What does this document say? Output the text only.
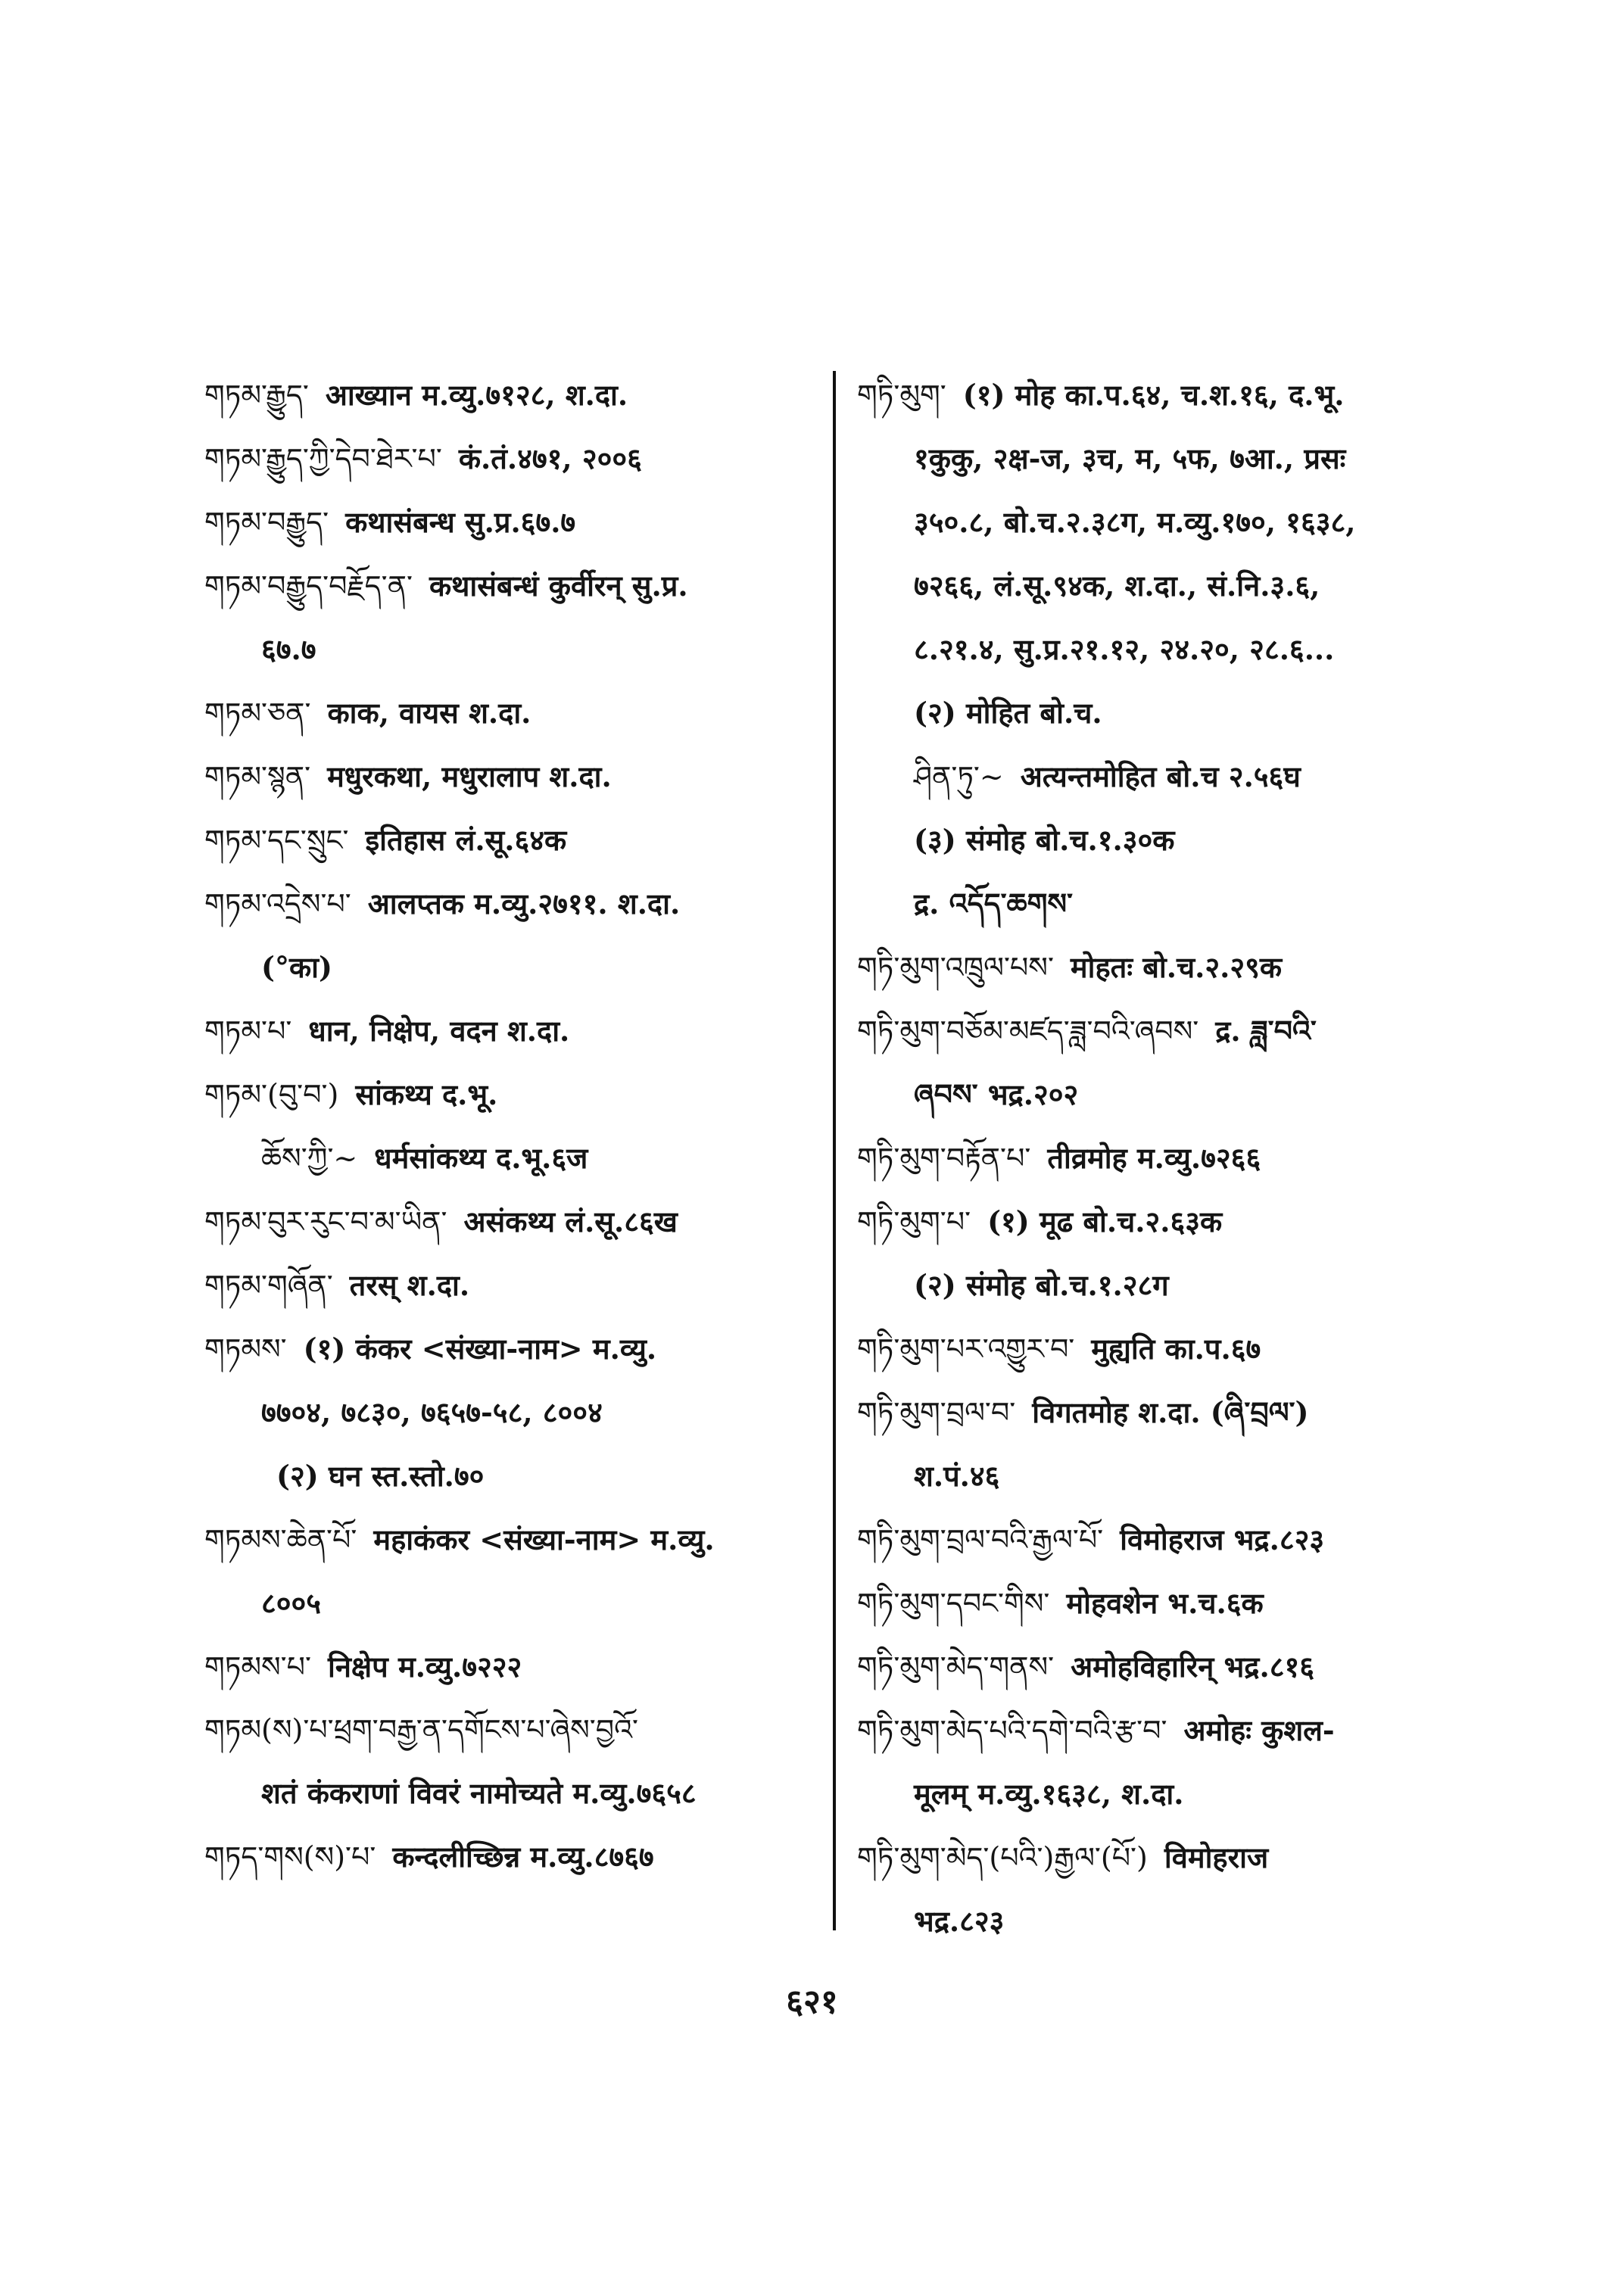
གཏམ་རྒྱུད་ आख्यान म.व्यु.७१२८, श.दा.
གཏམ་རྒྱུད་ཀྱི་དེབ་ཐེར་པ་ कं.तं.४७१, २००६
གཏམ་བརྒྱུད་ कथासंबन्ध सु.प्र.६७.७
གཏམ་བརྒྱུད་བརྗོད་ན་ कथासंबन्धं कुर्वीरन् सु.प्र.
६७.७
གཏམ་ཅན་ काक, वायस श.दा.
གཏམ་སྙན་ मधुरकथा, मधुरालाप श.दा.
གཏམ་དང་སྲུང་ इतिहास लं.सू.६४क
གཏམ་འདྲེས་པ་ आलप्तक म.व्यु.२७११. श.दा.
(°का)
གཏམ་པ་ धान, निक्षेप, वदन श.दा.
གཏམ་(བུ་བ་) सांकथ्य द.भू.
ཆོས་ཀྱི་~ धर्मसांकथ्य द.भू.६ज
གཏམ་བུར་རུང་བ་མ་ཡིན་ असंकथ्य लं.सू.८६ख
གཏམ་གཞོན་ तरस् श.दा.
གཏམས་ (१) कंकर <संख्या-नाम> म.व्यु.
७७०४, ७८३०, ७६५७-५८, ८००४
(२) घन स्त.स्तो.७०
གཏམས་ཆེན་པོ་ महाकंकर <संख्या-नाम> म.व्यु.
८००५
གཏམས་པ་ निक्षेप म.व्यु.७२२२
གཏམ(ས)་པ་ཕྲག་བརྒྱ་ན་དགོངས་པ་ཞེས་བྱའོ་
शतं कंकराणां विवरं नामोच्यते म.व्यु.७६५८
གཏད་གས(ས)་པ་ कन्दलीच्छिन्न म.व्यु.८७६७
གཏི་མུག་ (१) मोह का.प.६४, च.श.१६, द.भू.
१कुकु, २क्ष-ज, ३च, म, ५फ, ७आ., प्रसः
३५०.८, बो.च.२.३८ग, म.व्यु.१७०, १६३८,
७२६६, लं.सू.९४क, श.दा., सं.नि.३.६,
८.२१.४, सु.प्र.२१.१२, २४.२०, २८.६...
(२) मोहित बो.च.
ཤིན་ཏུ་~ अत्यन्तमोहित बो.च २.५६घ
(३) संमोह बो.च.१.३०क
द्र. འདོད་ཆགས་
གཏི་མུག་འཁྲུལ་པས་ मोहतः बो.च.२.२९क
གཏི་མུག་བཅོམ་མཛད་ཟླ་བའི་ཞབས་ द्र. ཟླ་བའི་
ཞབས་ भद्र.२०२
གཏི་མུག་བརྟོན་པ་ तीव्रमोह म.व्यु.७२६६
གཏི་མུག་པ་ (१) मूढ बो.च.२.६३क
(२) संमोह बो.च.१.२८ग
གཏི་མུག་པར་འགྱུར་བ་ मुह्यति का.प.६७
གཏི་མུག་བྲལ་བ་ विगतमोह श.दा. (ཞི་བྲལ་)
श.पं.४६
གཏི་མུག་བྲལ་བའི་རྒྱལ་པོ་ विमोहराज भद्र.८२३
གཏི་མུག་དབང་གིས་ मोहवशेन भ.च.६क
གཏི་མུག་མེད་གནས་ अमोहविहारिन् भद्र.८१६
གཏི་མུག་མེད་པའི་དགེ་བའི་རྩ་བ་ अमोहः कुशल-
मूलम् म.व्यु.१६३८, श.दा.
གཏི་མུག་མེད་(པའི་)རྒྱལ་(པོ་) विमोहराज
भद्र.८२३
६२१
